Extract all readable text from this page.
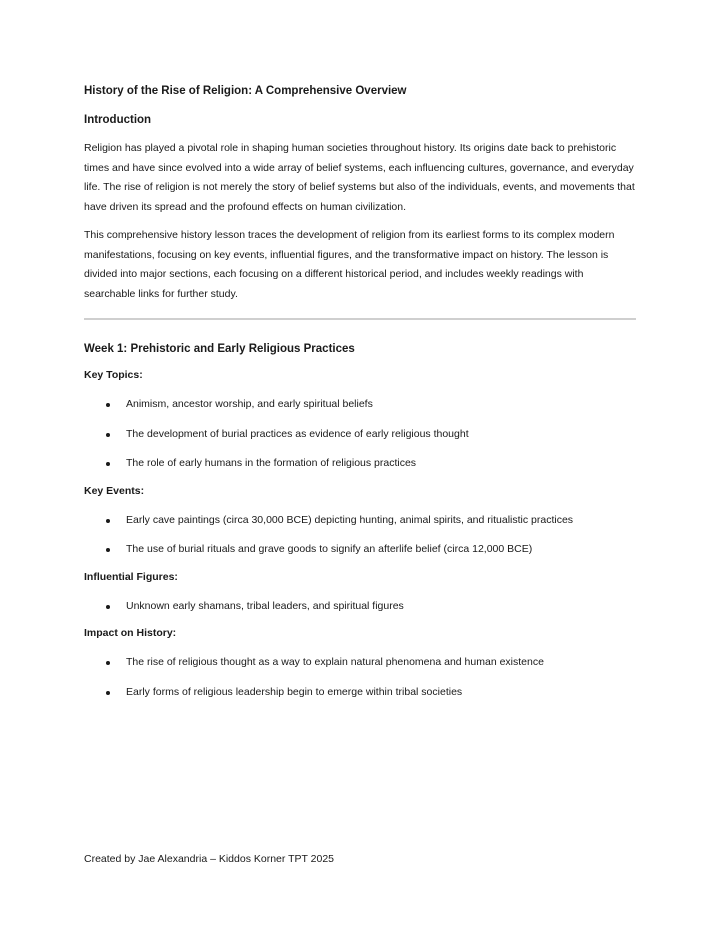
History of the Rise of Religion: A Comprehensive Overview
Introduction

Religion has played a pivotal role in shaping human societies throughout history. Its origins date back to prehistoric times and have since evolved into a wide array of belief systems, each influencing cultures, governance, and everyday life. The rise of religion is not merely the story of belief systems but also of the individuals, events, and movements that have driven its spread and the profound effects on human civilization.

This comprehensive history lesson traces the development of religion from its earliest forms to its complex modern manifestations, focusing on key events, influential figures, and the transformative impact on history. The lesson is divided into major sections, each focusing on a different historical period, and includes weekly readings with searchable links for further study.

Week 1: Prehistoric and Early Religious Practices
Key Topics:
Animism, ancestor worship, and early spiritual beliefs
The development of burial practices as evidence of early religious thought
The role of early humans in the formation of religious practices
Key Events:
Early cave paintings (circa 30,000 BCE) depicting hunting, animal spirits, and ritualistic practices
The use of burial rituals and grave goods to signify an afterlife belief (circa 12,000 BCE)
Influential Figures:
Unknown early shamans, tribal leaders, and spiritual figures
Impact on History:
The rise of religious thought as a way to explain natural phenomena and human existence
Early forms of religious leadership begin to emerge within tribal societies
Created by Jae Alexandria – Kiddos Korner TPT 2025
